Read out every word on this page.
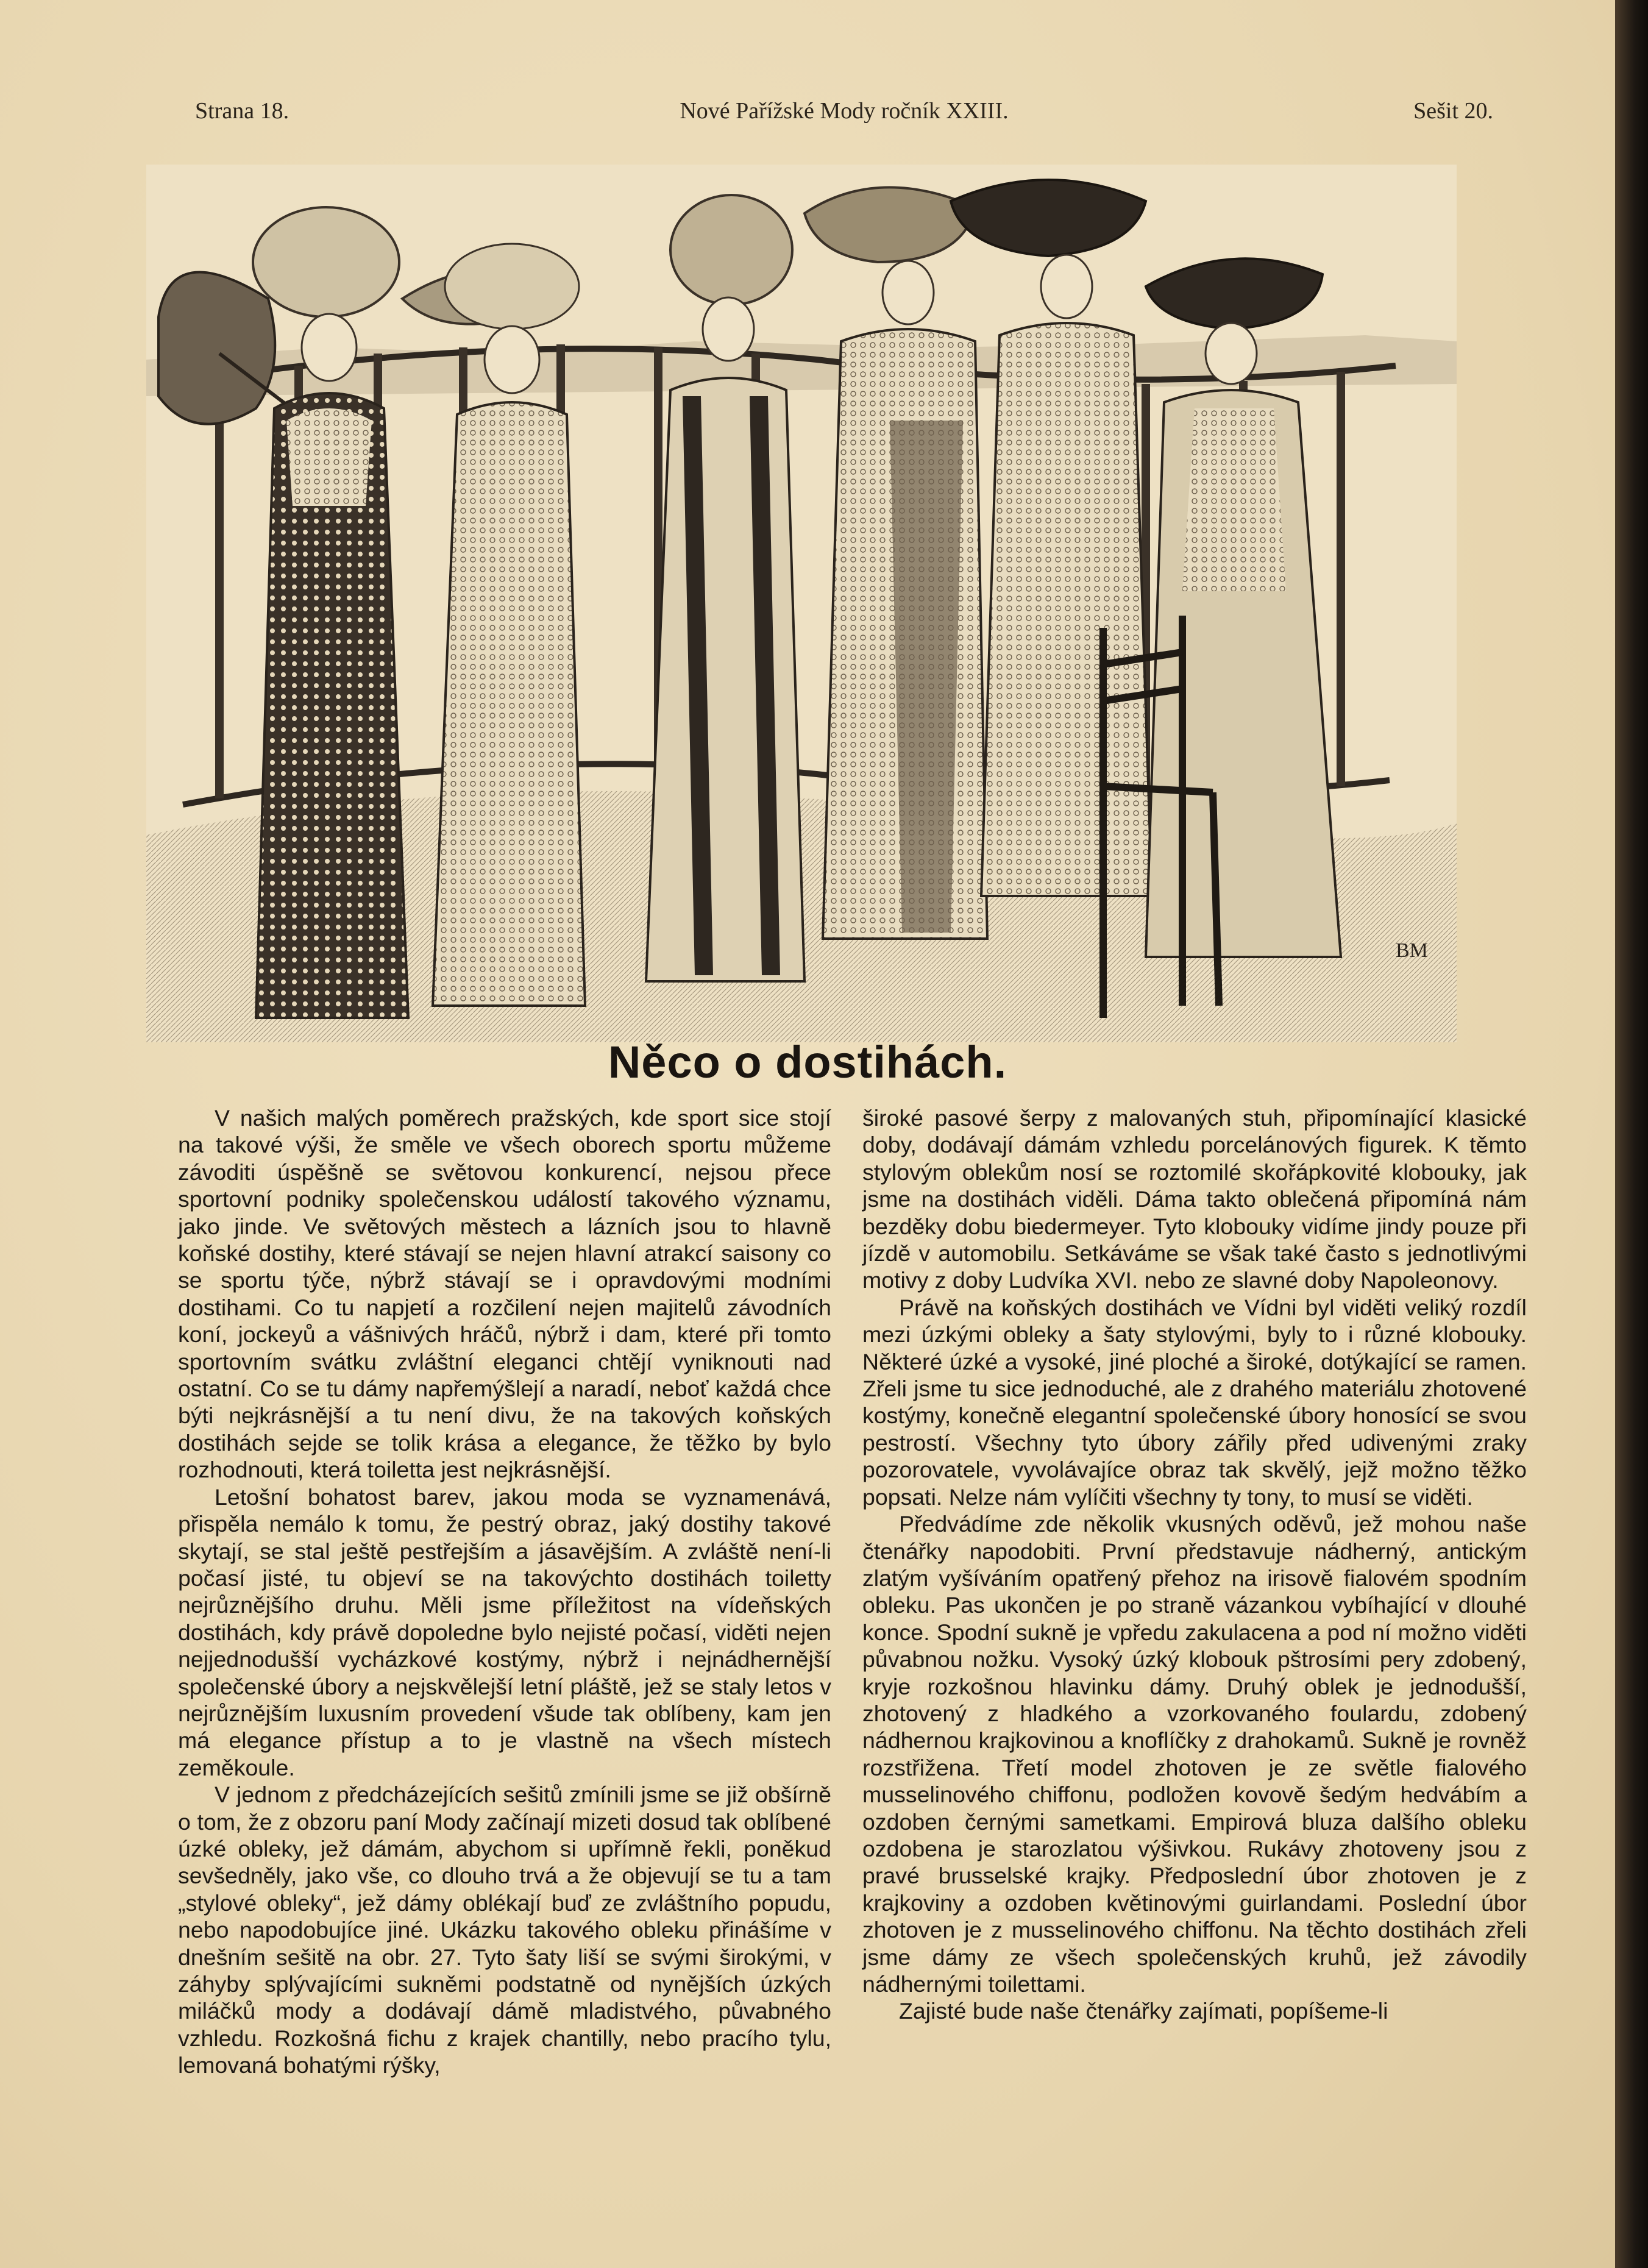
Strana 18.	Nové Pařížské Mody ročník XXIII.	Sešit 20.
BM
Něco o dostihách.

V našich malých poměrech pražských, kde sport sice stojí na takové výši, že směle ve všech oborech sportu můžeme závoditi úspěšně se světovou konkurencí, nejsou přece sportovní podniky společenskou událostí takového významu, jako jinde. Ve světových městech a lázních jsou to hlavně koňské dostihy, které stávají se nejen hlavní atrakcí saisony co se sportu týče, nýbrž stávají se i opravdovými modními dostihami. Co tu napjetí a rozčilení nejen majitelů závodních koní, jockeyů a vášnivých hráčů, nýbrž i dam, které při tomto sportovním svátku zvláštní eleganci chtějí vyniknouti nad ostatní. Co se tu dámy napřemýšlejí a naradí, neboť každá chce býti nejkrásnější a tu není divu, že na takových koňských dostihách sejde se tolik krása a elegance, že těžko by bylo rozhodnouti, která toiletta jest nejkrásnější.

Letošní bohatost barev, jakou moda se vyznamenává, přispěla nemálo k tomu, že pestrý obraz, jaký dostihy takové skytají, se stal ještě pestřejším a jásavějším. A zvláště není-li počasí jisté, tu objeví se na takovýchto dostihách toiletty nejrůznějšího druhu. Měli jsme příležitost na vídeňských dostihách, kdy právě dopoledne bylo nejisté počasí, viděti nejen nejjednodušší vycházkové kostýmy, nýbrž i nejnádhernější společenské úbory a nejskvělejší letní pláště, jež se staly letos v nejrůznějším luxusním provedení všude tak oblíbeny, kam jen má elegance přístup a to je vlastně na všech místech zeměkoule.

V jednom z předcházejících sešitů zmínili jsme se již obšírně o tom, že z obzoru paní Mody začínají mizeti dosud tak oblíbené úzké obleky, jež dámám, abychom si upřímně řekli, poněkud sevšedněly, jako vše, co dlouho trvá a že objevují se tu a tam „stylové obleky“, jež dámy oblékají buď ze zvláštního popudu, nebo napodobujíce jiné. Ukázku takového obleku přinášíme v dnešním sešitě na obr. 27. Tyto šaty liší se svými širokými, v záhyby splývajícími sukněmi podstatně od nynějších úzkých miláčků mody a dodávají dámě mladistvého, půvabného vzhledu. Rozkošná fichu z krajek chantilly, nebo pracího tylu, lemovaná bohatými rýšky,

široké pasové šerpy z malovaných stuh, připomínající klasické doby, dodávají dámám vzhledu porcelánových figurek. K těmto stylovým oblekům nosí se roztomilé skořápkovité klobouky, jak jsme na dostihách viděli. Dáma takto oblečená připomíná nám bezděky dobu biedermeyer. Tyto klobouky vidíme jindy pouze při jízdě v automobilu. Setkáváme se však také často s jednotlivými motivy z doby Ludvíka XVI. nebo ze slavné doby Napoleonovy.

Právě na koňských dostihách ve Vídni byl viděti veliký rozdíl mezi úzkými obleky a šaty stylovými, byly to i různé klobouky. Některé úzké a vysoké, jiné ploché a široké, dotýkající se ramen. Zřeli jsme tu sice jednoduché, ale z drahého materiálu zhotovené kostýmy, konečně elegantní společenské úbory honosící se svou pestrostí. Všechny tyto úbory zářily před udivenými zraky pozorovatele, vyvolávajíce obraz tak skvělý, jejž možno těžko popsati. Nelze nám vylíčiti všechny ty tony, to musí se viděti.

Předvádíme zde několik vkusných oděvů, jež mohou naše čtenářky napodobiti. První představuje nádherný, antickým zlatým vyšíváním opatřený přehoz na irisově fialovém spodním obleku. Pas ukončen je po straně vázankou vybíhající v dlouhé konce. Spodní sukně je vpředu zakulacena a pod ní možno viděti půvabnou nožku. Vysoký úzký klobouk pštrosími pery zdobený, kryje rozkošnou hlavinku dámy. Druhý oblek je jednodušší, zhotovený z hladkého a vzorkovaného foulardu, zdobený nádhernou krajkovinou a knoflíčky z drahokamů. Sukně je rovněž rozstřižena. Třetí model zhotoven je ze světle fialového musselinového chiffonu, podložen kovově šedým hedvábím a ozdoben černými sametkami. Empirová bluza dalšího obleku ozdobena je starozlatou výšivkou. Rukávy zhotoveny jsou z pravé brusselské krajky. Předposlední úbor zhotoven je z krajkoviny a ozdoben květinovými guirlandami. Poslední úbor zhotoven je z musselinového chiffonu. Na těchto dostihách zřeli jsme dámy ze všech společenských kruhů, jež závodily nádhernými toilettami.

Zajisté bude naše čtenářky zajímati, popíšeme-li
